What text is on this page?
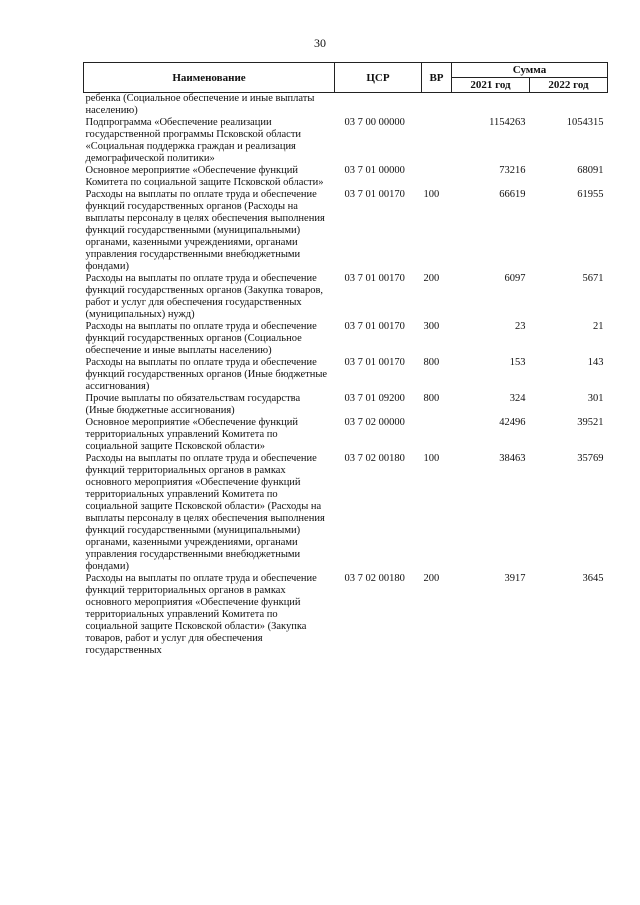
30
Наименование	ЦСР	ВР	Сумма	
			2021 год	2022 год
ребенка (Социальное обеспечение и иные выплаты населению)				
Подпрограмма «Обеспечение реализации государственной программы Псковской области «Социальная поддержка граждан и реализация демографической политики»	03 7 00 00000		1154263	1054315
Основное мероприятие «Обеспечение функций Комитета по социальной защите Псковской области»	03 7 01 00000		73216	68091
Расходы на выплаты по оплате труда и обеспечение функций государственных органов (Расходы на выплаты персоналу в целях обеспечения выполнения функций государственными (муниципальными) органами, казенными учреждениями, органами управления государственными внебюджетными фондами)	03 7 01 00170	100	66619	61955
Расходы на выплаты по оплате труда и обеспечение функций государственных органов (Закупка товаров, работ и услуг для обеспечения государственных (муниципальных) нужд)	03 7 01 00170	200	6097	5671
Расходы на выплаты по оплате труда и обеспечение функций государственных органов (Социальное обеспечение и иные выплаты населению)	03 7 01 00170	300	23	21
Расходы на выплаты по оплате труда и обеспечение функций государственных органов (Иные бюджетные ассигнования)	03 7 01 00170	800	153	143
Прочие выплаты по обязательствам государства (Иные бюджетные ассигнования)	03 7 01 09200	800	324	301
Основное мероприятие «Обеспечение функций территориальных управлений Комитета по социальной защите Псковской области»	03 7 02 00000		42496	39521
Расходы на выплаты по оплате труда и обеспечение функций территориальных органов в рамках основного мероприятия «Обеспечение функций территориальных управлений Комитета по социальной защите Псковской области» (Расходы на выплаты персоналу в целях обеспечения выполнения функций государственными (муниципальными) органами, казенными учреждениями, органами управления государственными внебюджетными фондами)	03 7 02 00180	100	38463	35769
Расходы на выплаты по оплате труда и обеспечение функций территориальных органов в рамках основного мероприятия «Обеспечение функций территориальных управлений Комитета по социальной защите Псковской области» (Закупка товаров, работ и услуг для обеспечения государственных	03 7 02 00180	200	3917	3645
